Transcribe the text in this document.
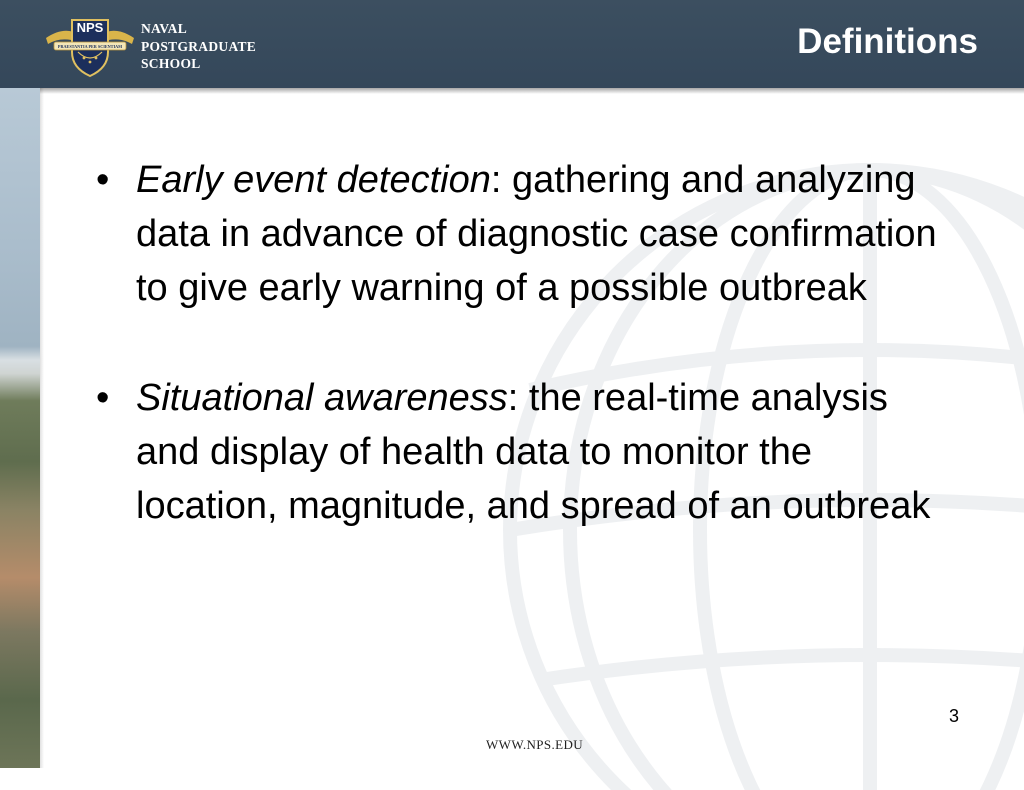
NPS
PRAESTANTIA PER SCIENTIAM
NAVAL
POSTGRADUATE
SCHOOL
Definitions
• Early event detection: gathering and analyzing data in advance of diagnostic case confirmation to give early warning of a possible outbreak
• Situational awareness: the real-time analysis and display of health data to monitor the location, magnitude, and spread of an outbreak
3
WWW.NPS.EDU
